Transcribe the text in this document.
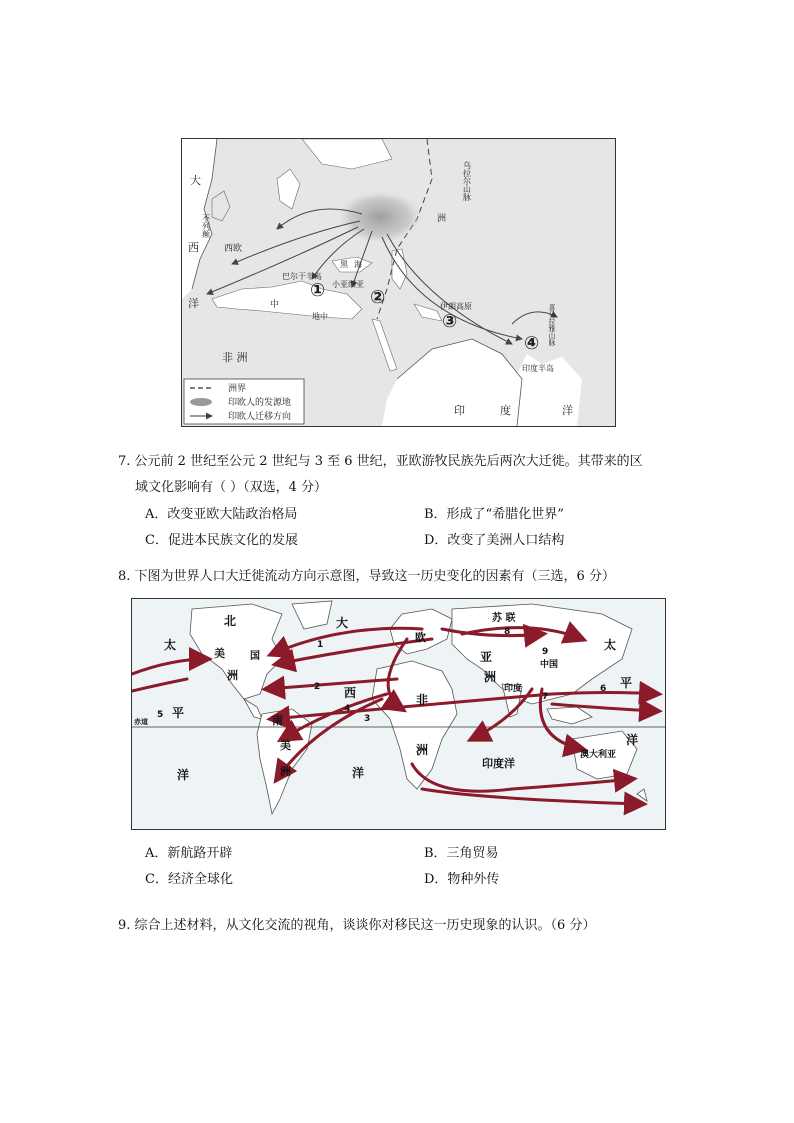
大
不列颠
西欧
西
洋
巴尔干半岛
黑 海
小亚细亚
地中
中
非 洲
乌拉尔山脉
洲
伊朗高原	喜马拉雅山脉
印度半岛
印	度	洋
① ②
③
④
洲界
印欧人的发源地
印欧人迁移方向
7. 公元前 2 世纪至公元 2 世纪与 3 至 6 世纪，亚欧游牧民族先后两次大迁徙。其带来的区
域文化影响有（ ）（双选，4 分）
A．改变亚欧大陆政治格局	B．形成了“希腊化世界”
C．促进本民族文化的发展	D．改变了美洲人口结构
8. 下图为世界人口大迁徙流动方向示意图，导致这一历史变化的因素有（三选，6 分）
北	大
太
美	国
洲
平
洋
南
美
洲
西
洋
欧
苏 联
亚
中国
洲
非
洲
印度
印度洋
澳大利亚
太
平
洋
赤道
1
2
3
4
5
6
7
8
9
A．新航路开辟	B．三角贸易
C．经济全球化	D．物种外传
9. 综合上述材料，从文化交流的视角，谈谈你对移民这一历史现象的认识。（6 分）
